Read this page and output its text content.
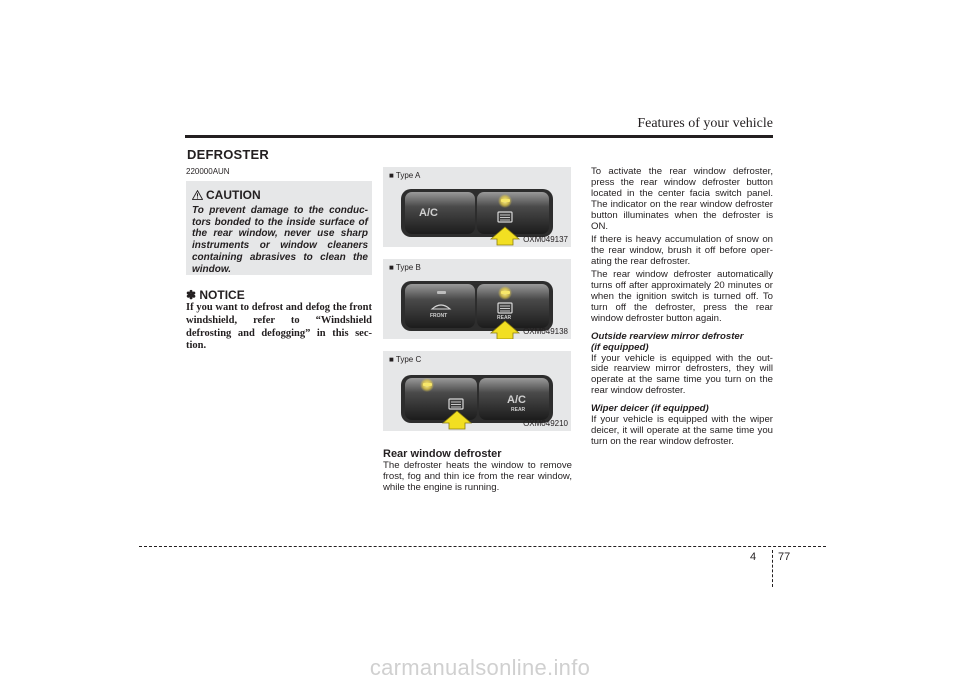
Features of your vehicle
DEFROSTER
220000AUN
CAUTION
To prevent damage to the conduc- tors bonded to the inside surface of the rear window, never use sharp instruments or window cleaners containing abrasives to clean the window.
✽ NOTICE
If you want to defrost and defog the front windshield, refer to “Windshield defrosting and defogging” in this sec- tion.
■ Type A
A/C
OXM049137
■ Type B
FRONT	REAR
OXM049138
■ Type C
A/C
REAR
OXM049210
Rear window defroster
The defroster heats the window to remove frost, fog and thin ice from the rear window, while the engine is running.

To activate the rear window defroster, press the rear window defroster button located in the center facia switch panel. The indicator on the rear window defroster button illuminates when the defroster is ON.

If there is heavy accumulation of snow on the rear window, brush it off before oper- ating the rear defroster.

The rear window defroster automatically turns off after approximately 20 minutes or when the ignition switch is turned off. To turn off the defroster, press the rear window defroster button again.

Outside rearview mirror defroster
(if equipped)

If your vehicle is equipped with the out- side rearview mirror defrosters, they will operate at the same time you turn on the rear window defroster.

Wiper deicer (if equipped)

If your vehicle is equipped with the wiper deicer, it will operate at the same time you turn on the rear window defroster.

4 77
carmanualsonline.info
